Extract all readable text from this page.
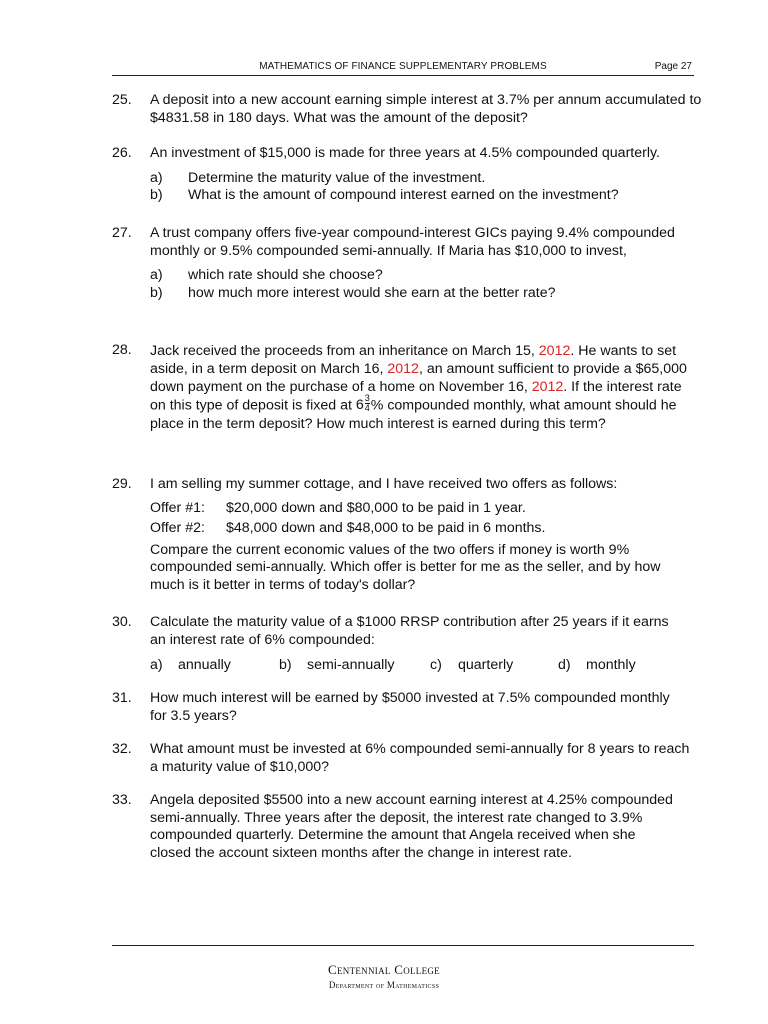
MATHEMATICS OF FINANCE SUPPLEMENTARY PROBLEMS	Page 27
25.	A deposit into a new account earning simple interest at 3.7% per annum accumulated to $4831.58 in 180 days. What was the amount of the deposit?
26.	An investment of $15,000 is made for three years at 4.5% compounded quarterly.
a) Determine the maturity value of the investment.
b) What is the amount of compound interest earned on the investment?
27.	A trust company offers five-year compound-interest GICs paying 9.4% compounded monthly or 9.5% compounded semi-annually. If Maria has $10,000 to invest,
a) which rate should she choose?
b) how much more interest would she earn at the better rate?
28.	Jack received the proceeds from an inheritance on March 15, 2012. He wants to set aside, in a term deposit on March 16, 2012, an amount sufficient to provide a $65,000 down payment on the purchase of a home on November 16, 2012. If the interest rate on this type of deposit is fixed at $6 \frac{3}{4}$ % compounded monthly, what amount should he place in the term deposit? How much interest is earned during this term?
29.	I am selling my summer cottage, and I have received two offers as follows:
Offer #1: $20,000 down and $80,000 to be paid in 1 year.
Offer #2: $48,000 down and $48,000 to be paid in 6 months.
Compare the current economic values of the two offers if money is worth 9% compounded semi-annually. Which offer is better for me as the seller, and by how much is it better in terms of today's dollar?
30.	Calculate the maturity value of a $1000 RRSP contribution after 25 years if it earns an interest rate of 6% compounded:
a) annually	b) semi-annually c) quarterly	d) monthly
31.	How much interest will be earned by $5000 invested at 7.5% compounded monthly for 3.5 years?
32.	What amount must be invested at 6% compounded semi-annually for 8 years to reach a maturity value of $10,000?
33.	Angela deposited $5500 into a new account earning interest at 4.25% compounded semi-annually. Three years after the deposit, the interest rate changed to 3.9% compounded quarterly. Determine the amount that Angela received when she closed the account sixteen months after the change in interest rate.
Centennial College
Department of Mathematicss
